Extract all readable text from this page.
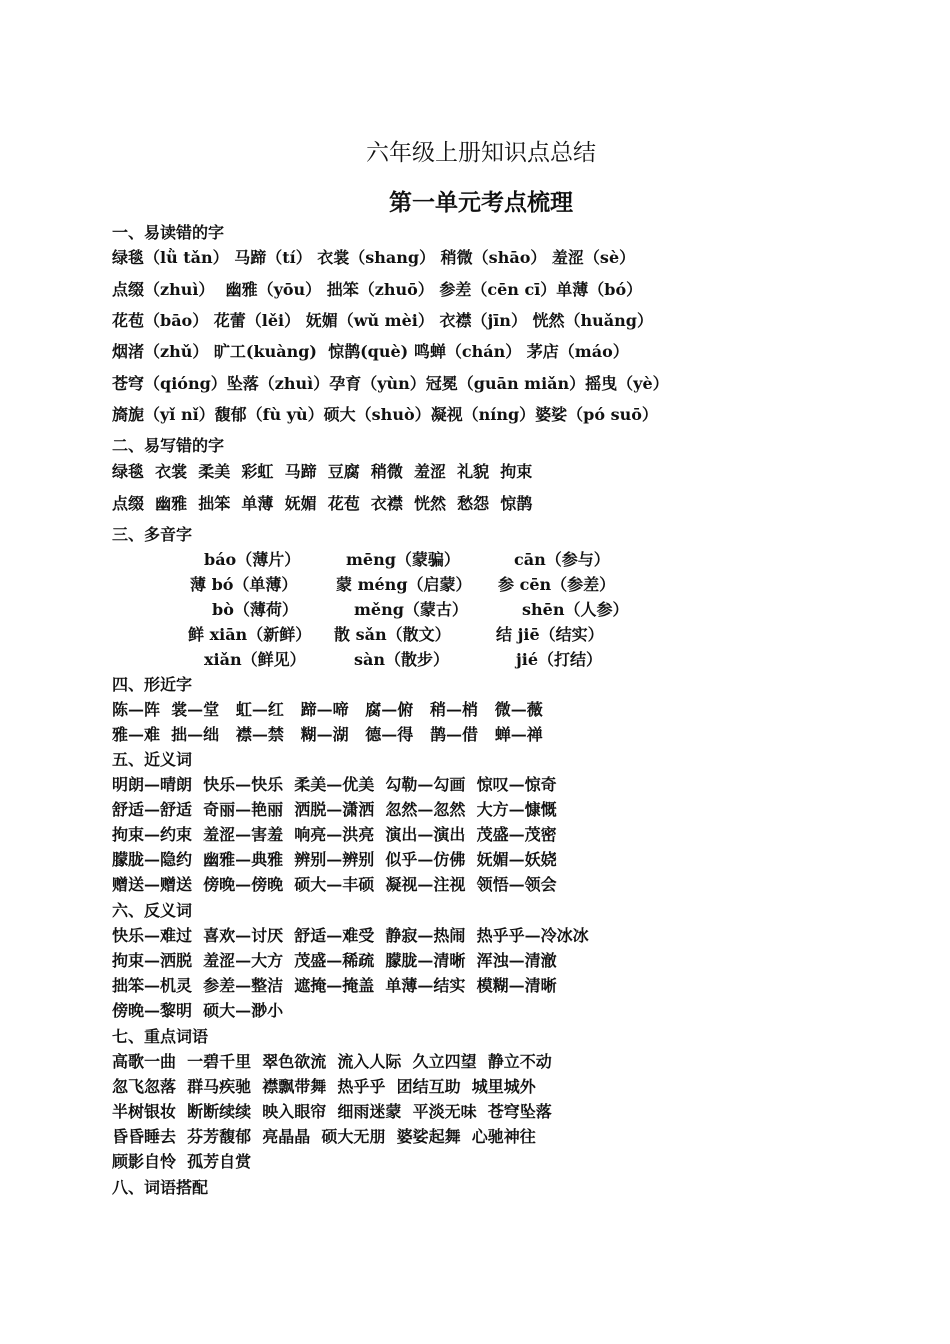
六年级上册知识点总结
第一单元考点梳理
一、易读错的字
绿毯（lǜ tǎn） 马蹄（tí） 衣裳（shang） 稍微（shāo） 羞涩（sè）
点缀（zhuì）  幽雅（yōu） 拙笨（zhuō） 参差（cēn cī）单薄（bó）
花苞（bāo） 花蕾（lěi） 妩媚（wǔ mèi） 衣襟（jīn） 恍然（huǎng）
烟渚（zhǔ） 旷工(kuàng)  惊鹊(què) 鸣蝉（chán） 茅店（máo）
苍穹（qióng）坠落（zhuì）孕育（yùn）冠冕（guān miǎn）摇曳（yè）
旖旎（yǐ nǐ）馥郁（fù yù）硕大（shuò）凝视（níng）婆娑（pó suō）
二、易写错的字
绿毯  衣裳  柔美  彩虹  马蹄  豆腐  稍微  羞涩  礼貌  拘束
点缀  幽雅  拙笨  单薄  妩媚  花苞  衣襟  恍然  愁怨  惊鹊
三、多音字
báo（薄片）	mēng（蒙骗）	cān（参与）
薄 bó（单薄） 蒙 méng（启蒙） 参 cēn（参差）
bò（薄荷）	měng（蒙古）	shēn（人参）
鲜 xiān（新鲜） 散 sǎn（散文）	结 jiē（结实）
xiǎn（鲜见）	sàn（散步）	jié（打结）
四、形近字
陈—阵  裳—堂   虹—红   蹄—啼   腐—俯   稍—梢   微—薇
雅—难  拙—绌   襟—禁   糊—湖   德—得   鹊—借   蝉—禅
五、近义词
明朗—晴朗  快乐—快乐  柔美—优美  勾勒—勾画  惊叹—惊奇
舒适—舒适  奇丽—艳丽  洒脱—潇洒  忽然—忽然  大方—慷慨
拘束—约束  羞涩—害羞  响亮—洪亮  演出—演出  茂盛—茂密
朦胧—隐约  幽雅—典雅  辨别—辨别  似乎—仿佛  妩媚—妖娆
赠送—赠送  傍晚—傍晚  硕大—丰硕  凝视—注视  领悟—领会
六、反义词
快乐—难过  喜欢—讨厌  舒适—难受  静寂—热闹  热乎乎—冷冰冰
拘束—洒脱  羞涩—大方  茂盛—稀疏  朦胧—清晰  浑浊—清澈
拙笨—机灵  参差—整洁  遮掩—掩盖  单薄—结实  模糊—清晰
傍晚—黎明  硕大—渺小
七、重点词语
高歌一曲  一碧千里  翠色欲流  流入人际  久立四望  静立不动
忽飞忽落  群马疾驰  襟飘带舞  热乎乎  团结互助  城里城外
半树银妆  断断续续  映入眼帘  细雨迷蒙  平淡无味  苍穹坠落
昏昏睡去  芬芳馥郁  亮晶晶  硕大无朋  婆娑起舞  心驰神往
顾影自怜  孤芳自赏
八、词语搭配
